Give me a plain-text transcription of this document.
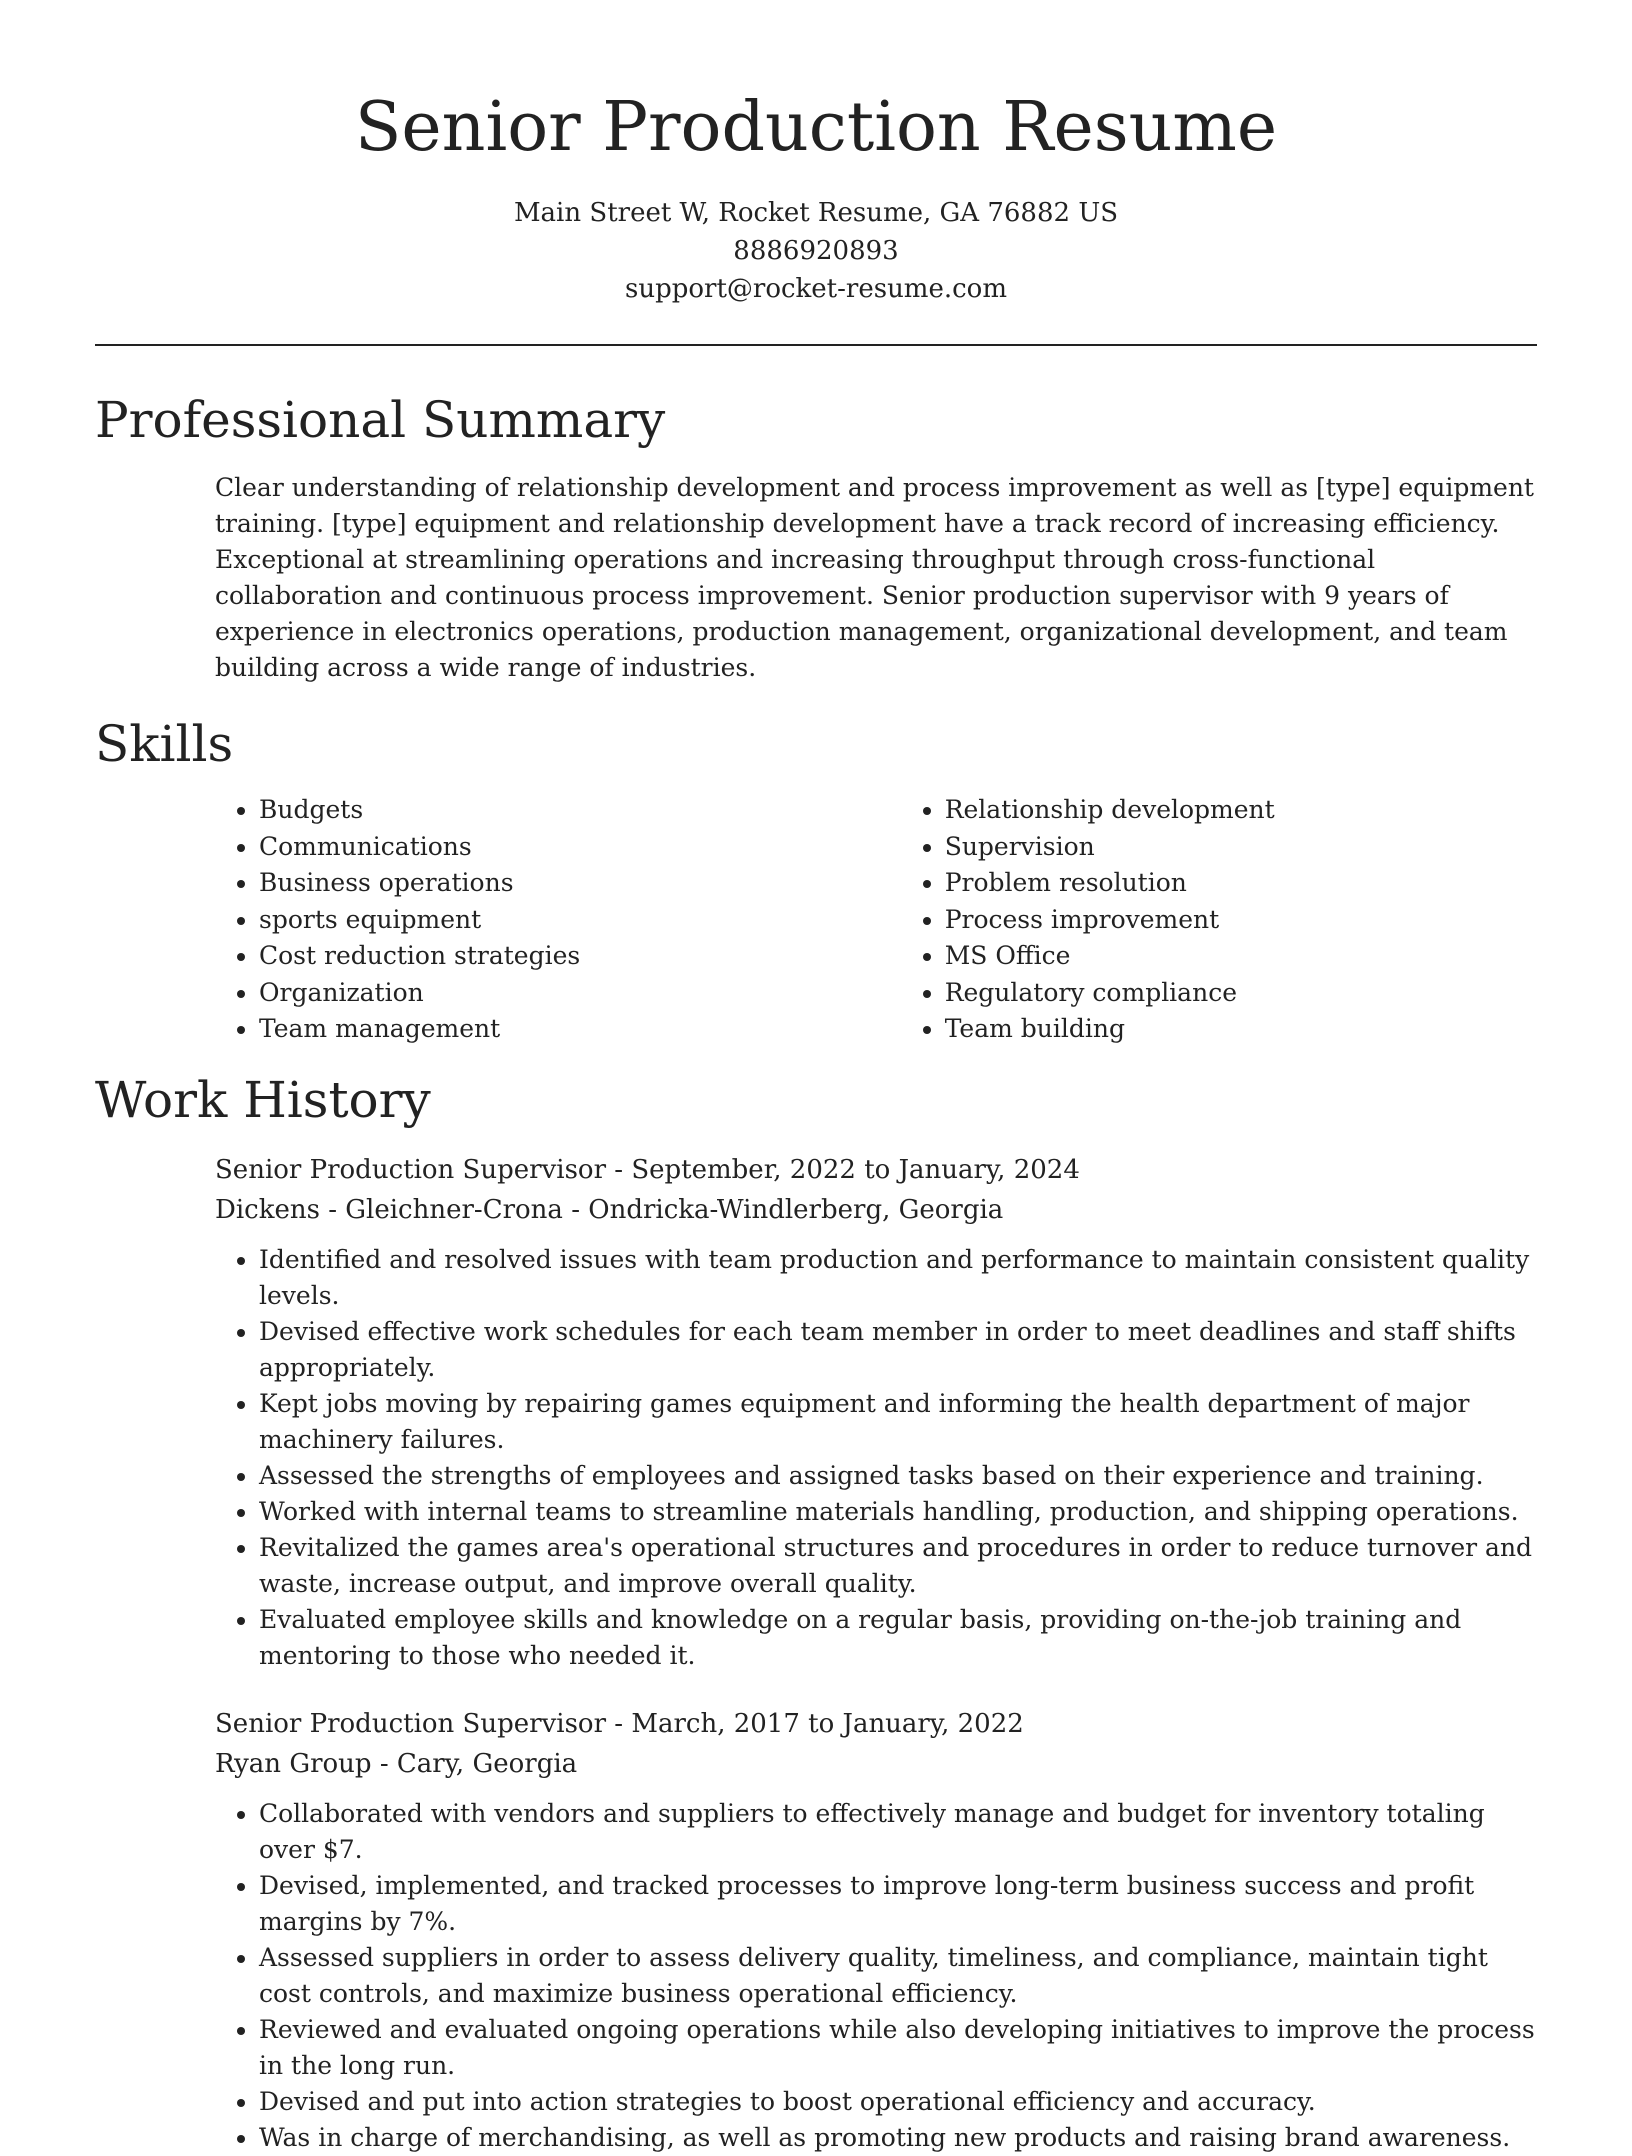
Senior Production Resume
Main Street W, Rocket Resume, GA 76882 US
8886920893
support@rocket-resume.com
Professional Summary

Clear understanding of relationship development and process improvement as well as [type] equipment training. [type] equipment and relationship development have a track record of increasing efficiency. Exceptional at streamlining operations and increasing throughput through cross-functional collaboration and continuous process improvement. Senior production supervisor with 9 years of experience in electronics operations, production management, organizational development, and team building across a wide range of industries.

Skills
• Budgets
• Communications
• Business operations
• sports equipment
• Cost reduction strategies
• Organization
• Team management
• Relationship development
• Supervision
• Problem resolution
• Process improvement
• MS Office
• Regulatory compliance
• Team building
Work History
Senior Production Supervisor - September, 2022 to January, 2024
Dickens - Gleichner-Crona - Ondricka-Windlerberg, Georgia
• Identified and resolved issues with team production and performance to maintain consistent quality levels.
• Devised effective work schedules for each team member in order to meet deadlines and staff shifts appropriately.
• Kept jobs moving by repairing games equipment and informing the health department of major machinery failures.
• Assessed the strengths of employees and assigned tasks based on their experience and training.
• Worked with internal teams to streamline materials handling, production, and shipping operations.
• Revitalized the games area's operational structures and procedures in order to reduce turnover and waste, increase output, and improve overall quality.
• Evaluated employee skills and knowledge on a regular basis, providing on-the-job training and mentoring to those who needed it.
Senior Production Supervisor - March, 2017 to January, 2022
Ryan Group - Cary, Georgia
• Collaborated with vendors and suppliers to effectively manage and budget for inventory totaling over $7.
• Devised, implemented, and tracked processes to improve long-term business success and profit margins by 7%.
• Assessed suppliers in order to assess delivery quality, timeliness, and compliance, maintain tight cost controls, and maximize business operational efficiency.
• Reviewed and evaluated ongoing operations while also developing initiatives to improve the process in the long run.
• Devised and put into action strategies to boost operational efficiency and accuracy.
• Was in charge of merchandising, as well as promoting new products and raising brand awareness.
